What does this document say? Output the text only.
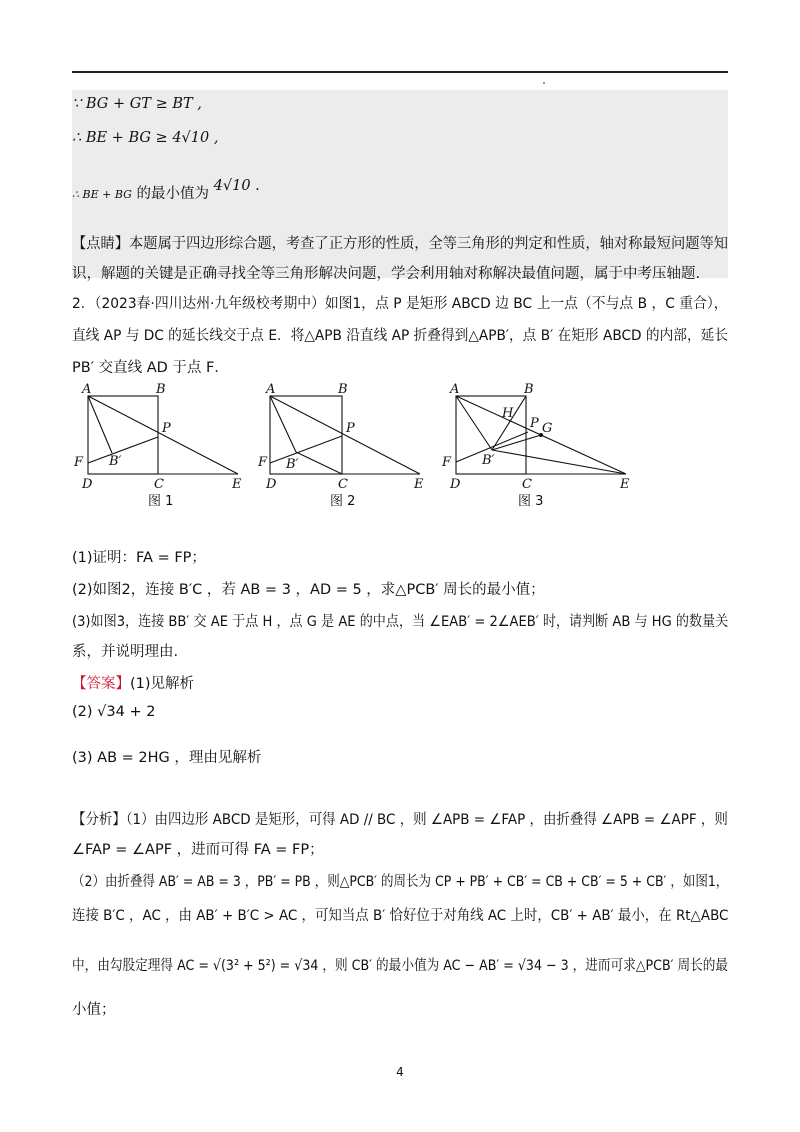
∵ BG + GT ≥ BT ,
∴ BE + BG ≥ 4√10 ,
∴ BE + BG 的最小值为 4√10 .
【点睛】本题属于四边形综合题，考查了正方形的性质，全等三角形的判定和性质，轴对称最短问题等知
识，解题的关键是正确寻找全等三角形解决问题，学会利用轴对称解决最值问题，属于中考压轴题.
2．（2023春·四川达州·九年级校考期中）如图1，点 P 是矩形 ABCD 边 BC 上一点（不与点 B ，C 重合），
直线 AP 与 DC 的延长线交于点 E．将△APB 沿直线 AP 折叠得到△APB′，点 B′ 在矩形 ABCD 的内部，延长
PB′ 交直线 AD 于点 F．
A	B
P
F B′
D	C	E
图 1
A	B
P
F B′
D	C	E
图 2
A	B
H
P G
F B′
D	C	E
图 3
(1)证明：FA = FP；
(2)如图2，连接 B′C ，若 AB = 3 ，AD = 5 ，求△PCB′ 周长的最小值；
(3)如图3，连接 BB′ 交 AE 于点 H ，点 G 是 AE 的中点，当 ∠EAB′ = 2∠AEB′ 时，请判断 AB 与 HG 的数量关
系，并说明理由.
【答案】(1)见解析
(2) √34 + 2
(3) AB = 2HG ，理由见解析
【分析】（1）由四边形 ABCD 是矩形，可得 AD // BC ，则 ∠APB = ∠FAP ，由折叠得 ∠APB = ∠APF ，则
∠FAP = ∠APF ，进而可得 FA = FP；
（2）由折叠得 AB′ = AB = 3 ，PB′ = PB ，则△PCB′ 的周长为 CP + PB′ + CB′ = CB + CB′ = 5 + CB′ ，如图1，
连接 B′C ，AC ，由 AB′ + B′C > AC ，可知当点 B′ 恰好位于对角线 AC 上时，CB′ + AB′ 最小，在 Rt△ABC
中，由勾股定理得 AC = √(3² + 5²) = √34 ，则 CB′ 的最小值为 AC − AB′ = √34 − 3 ，进而可求△PCB′ 周长的最
小值；
4
